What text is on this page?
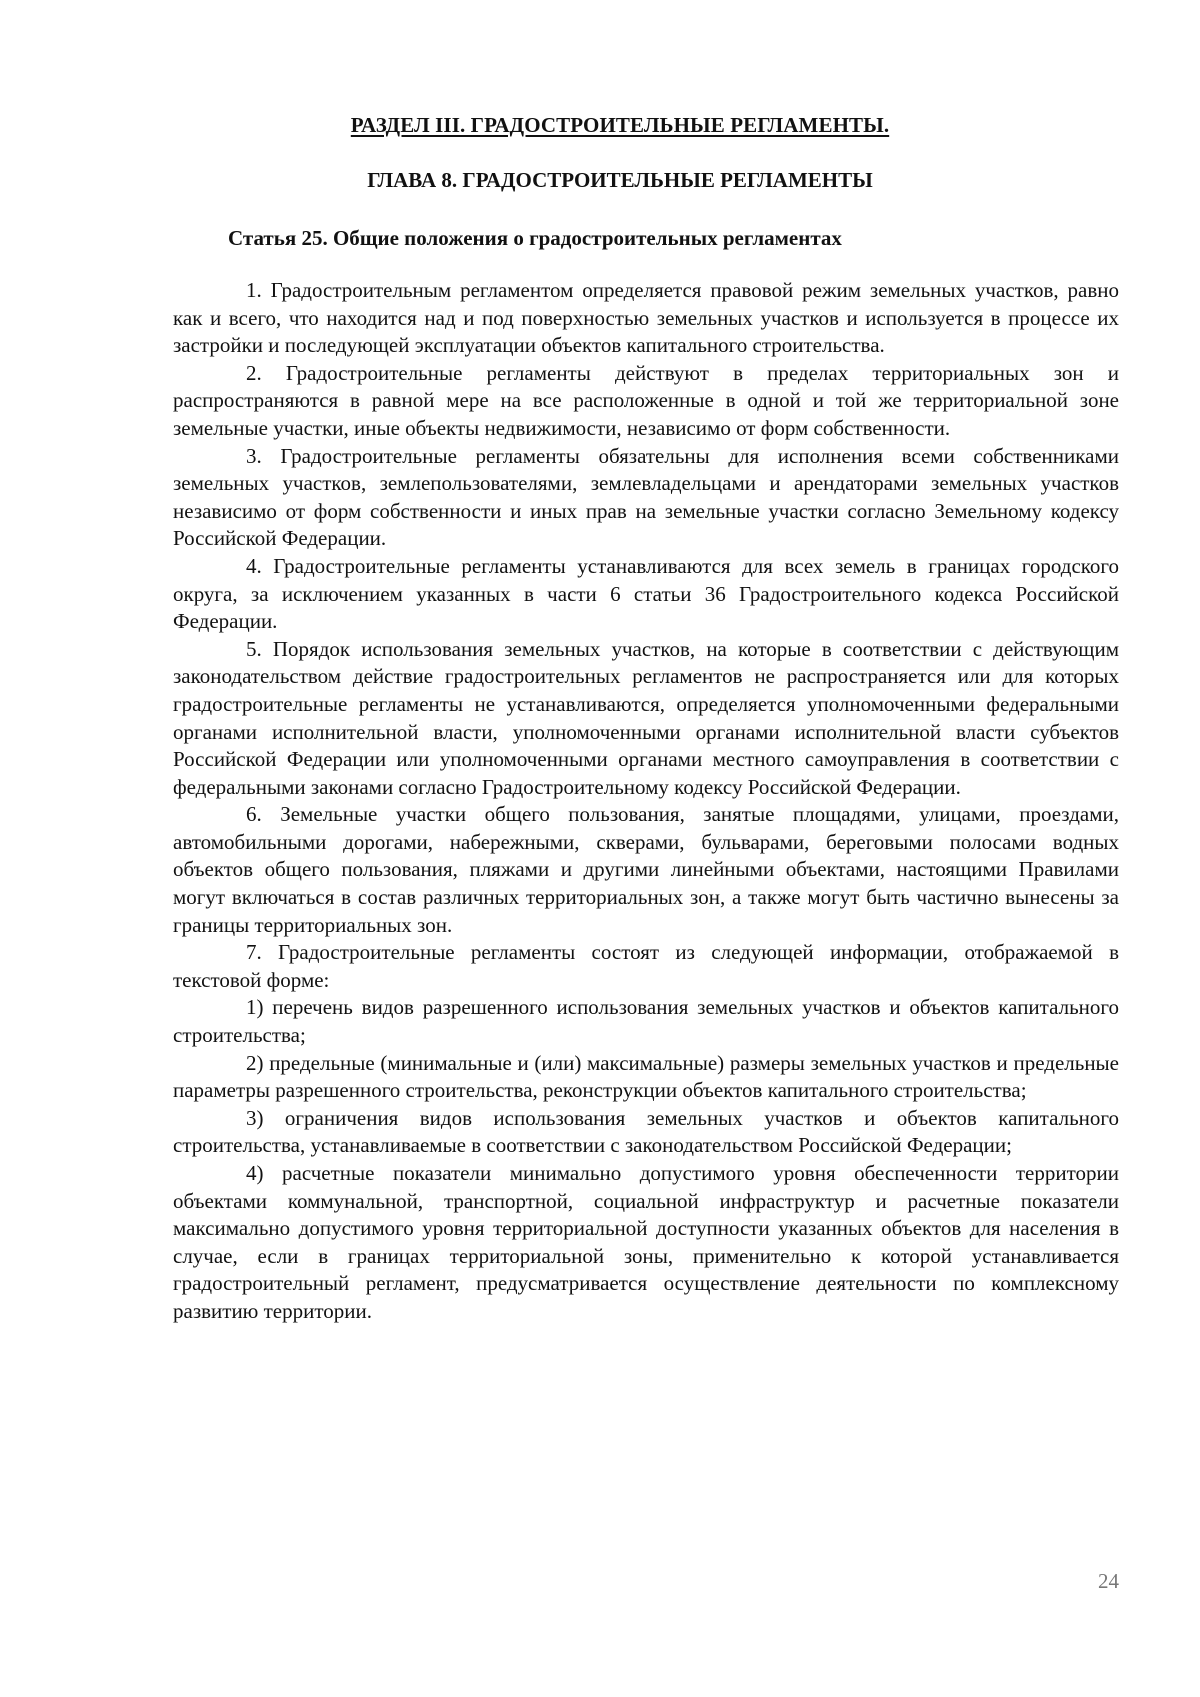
РАЗДЕЛ III. ГРАДОСТРОИТЕЛЬНЫЕ РЕГЛАМЕНТЫ.
ГЛАВА 8. ГРАДОСТРОИТЕЛЬНЫЕ РЕГЛАМЕНТЫ
Статья 25. Общие положения о градостроительных регламентах

1. Градостроительным регламентом определяется правовой режим земельных участков, равно как и всего, что находится над и под поверхностью земельных участков и используется в процессе их застройки и последующей эксплуатации объектов капитального строительства.

2. Градостроительные регламенты действуют в пределах территориальных зон и распространяются в равной мере на все расположенные в одной и той же территориальной зоне земельные участки, иные объекты недвижимости, независимо от форм собственности.

3. Градостроительные регламенты обязательны для исполнения всеми собственниками земельных участков, землепользователями, землевладельцами и арендаторами земельных участков независимо от форм собственности и иных прав на земельные участки согласно Земельному кодексу Российской Федерации.

4. Градостроительные регламенты устанавливаются для всех земель в границах городского округа, за исключением указанных в части 6 статьи 36 Градостроительного кодекса Российской Федерации.

5. Порядок использования земельных участков, на которые в соответствии с действующим законодательством действие градостроительных регламентов не распространяется или для которых градостроительные регламенты не устанавливаются, определяется уполномоченными федеральными органами исполнительной власти, уполномоченными органами исполнительной власти субъектов Российской Федерации или уполномоченными органами местного самоуправления в соответствии с федеральными законами согласно Градостроительному кодексу Российской Федерации.

6. Земельные участки общего пользования, занятые площадями, улицами, проездами, автомобильными дорогами, набережными, скверами, бульварами, береговыми полосами водных объектов общего пользования, пляжами и другими линейными объектами, настоящими Правилами могут включаться в состав различных территориальных зон, а также могут быть частично вынесены за границы территориальных зон.

7. Градостроительные регламенты состоят из следующей информации, отображаемой в текстовой форме:

1) перечень видов разрешенного использования земельных участков и объектов капитального строительства;

2) предельные (минимальные и (или) максимальные) размеры земельных участков и предельные параметры разрешенного строительства, реконструкции объектов капитального строительства;

3) ограничения видов использования земельных участков и объектов капитального строительства, устанавливаемые в соответствии с законодательством Российской Федерации;

4) расчетные показатели минимально допустимого уровня обеспеченности территории объектами коммунальной, транспортной, социальной инфраструктур и расчетные показатели максимально допустимого уровня территориальной доступности указанных объектов для населения в случае, если в границах территориальной зоны, применительно к которой устанавливается градостроительный регламент, предусматривается осуществление деятельности по комплексному развитию территории.

24
